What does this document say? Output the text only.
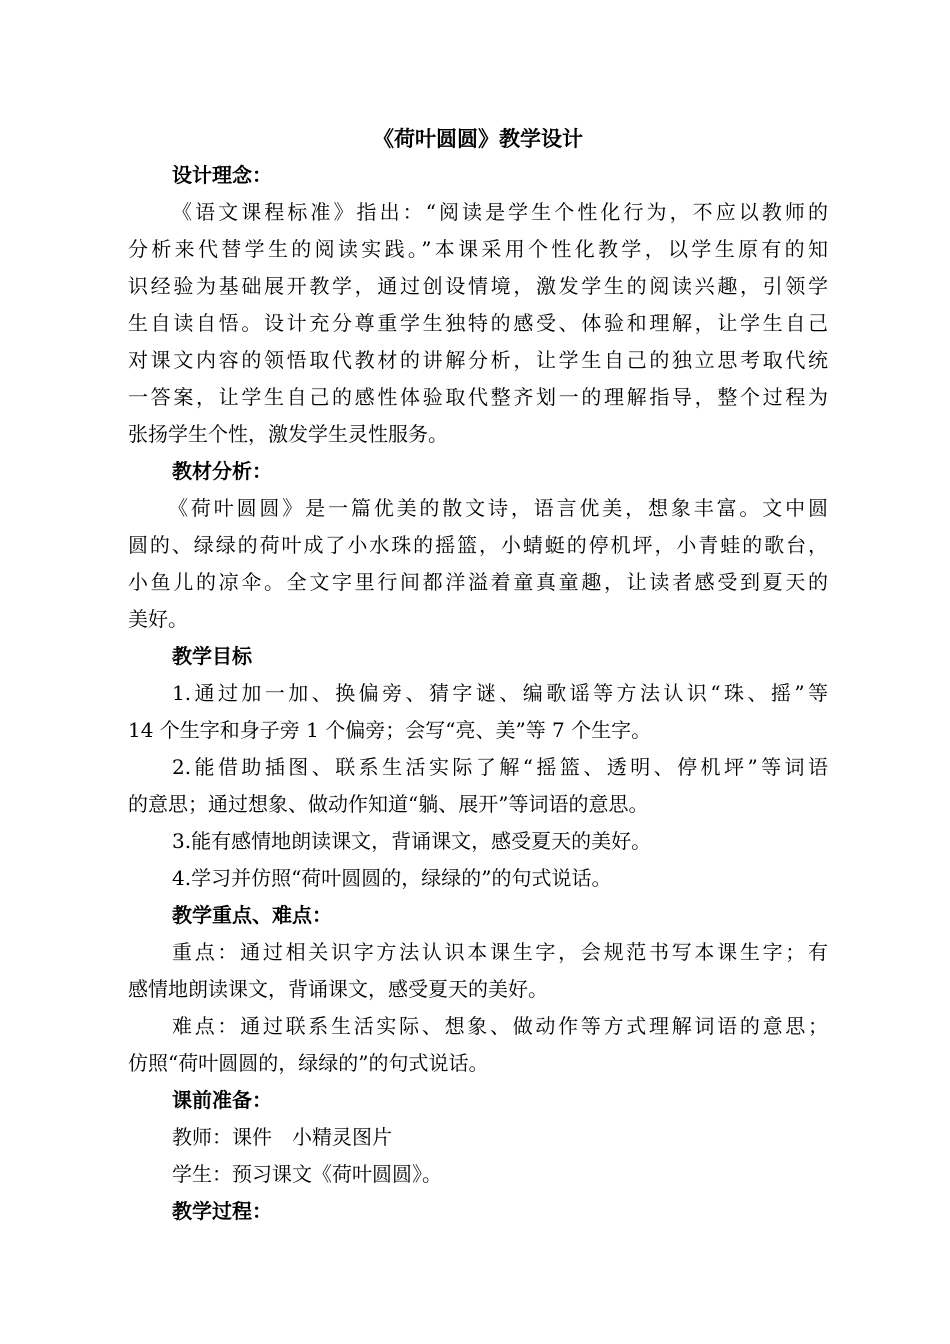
《荷叶圆圆》教学设计
设计理念：
《语文课程标准》指出：“阅读是学生个性化行为，不应以教师的
分析来代替学生的阅读实践。”本课采用个性化教学，以学生原有的知
识经验为基础展开教学，通过创设情境，激发学生的阅读兴趣，引领学
生自读自悟。设计充分尊重学生独特的感受、体验和理解，让学生自己
对课文内容的领悟取代教材的讲解分析，让学生自己的独立思考取代统
一答案，让学生自己的感性体验取代整齐划一的理解指导，整个过程为
张扬学生个性，激发学生灵性服务。
教材分析：
《荷叶圆圆》是一篇优美的散文诗，语言优美，想象丰富。文中圆
圆的、绿绿的荷叶成了小水珠的摇篮，小蜻蜓的停机坪，小青蛙的歌台，
小鱼儿的凉伞。全文字里行间都洋溢着童真童趣，让读者感受到夏天的
美好。
教学目标
1.通过加一加、换偏旁、猜字谜、编歌谣等方法认识“珠、摇”等
14 个生字和身子旁 1 个偏旁；会写“亮、美”等 7 个生字。
2.能借助插图、联系生活实际了解“摇篮、透明、停机坪”等词语
的意思；通过想象、做动作知道“躺、展开”等词语的意思。
3.能有感情地朗读课文，背诵课文，感受夏天的美好。
4.学习并仿照“荷叶圆圆的，绿绿的”的句式说话。
教学重点、难点：
重点：通过相关识字方法认识本课生字，会规范书写本课生字；有
感情地朗读课文，背诵课文，感受夏天的美好。
难点：通过联系生活实际、想象、做动作等方式理解词语的意思；
仿照“荷叶圆圆的，绿绿的”的句式说话。
课前准备：
教师：课件　小精灵图片
学生：预习课文《荷叶圆圆》。
教学过程：
